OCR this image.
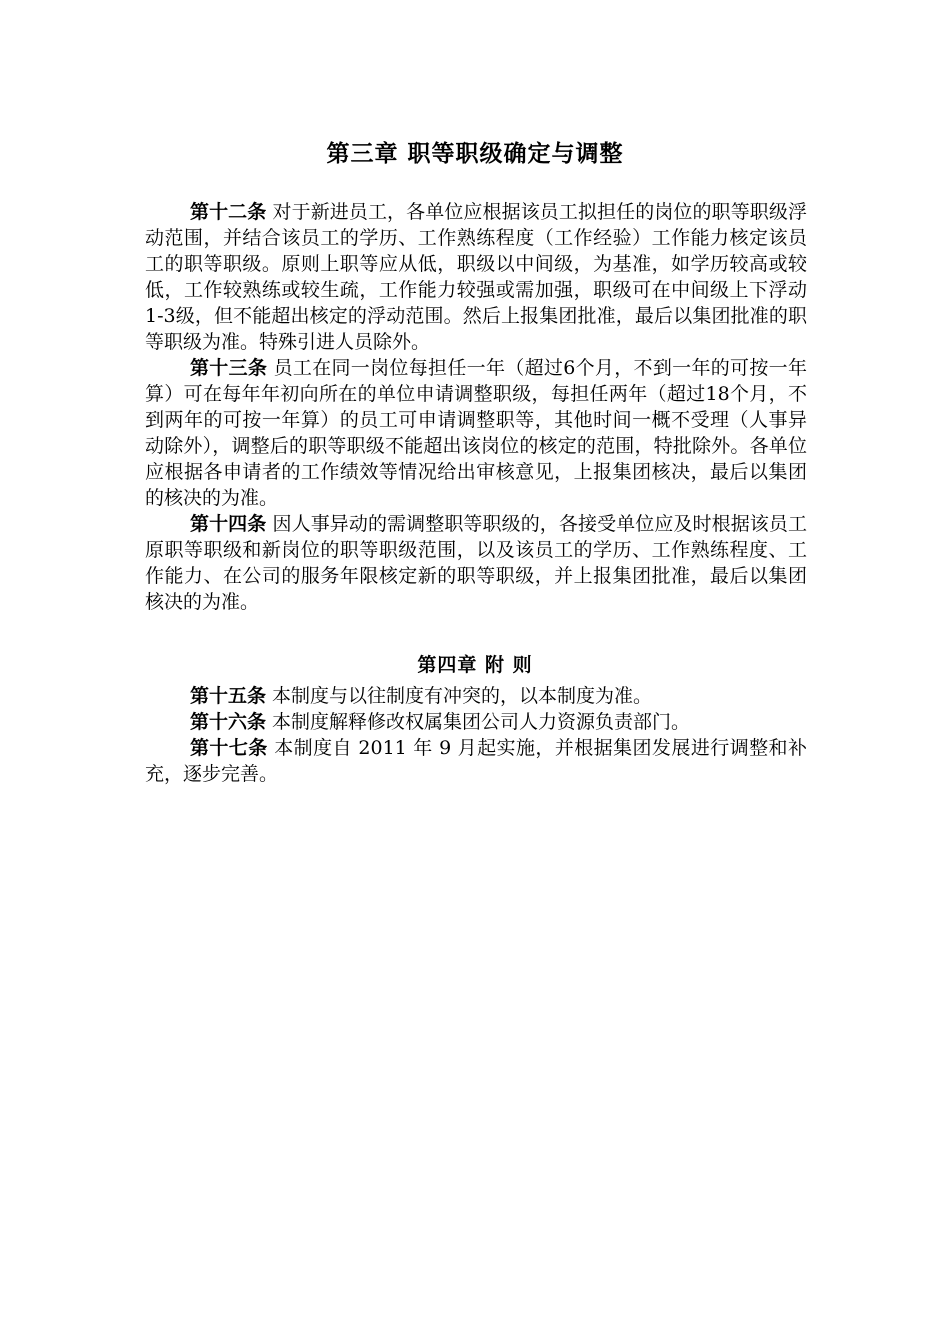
第三章 职等职级确定与调整

第十二条 对于新进员工，各单位应根据该员工拟担任的岗位的职等职级浮动范围，并结合该员工的学历、工作熟练程度（工作经验）工作能力核定该员工的职等职级。原则上职等应从低，职级以中间级，为基准，如学历较高或较低，工作较熟练或较生疏，工作能力较强或需加强，职级可在中间级上下浮动1-3级，但不能超出核定的浮动范围。然后上报集团批准，最后以集团批准的职等职级为准。特殊引进人员除外。

第十三条 员工在同一岗位每担任一年（超过6个月，不到一年的可按一年算）可在每年年初向所在的单位申请调整职级，每担任两年（超过18个月，不到两年的可按一年算）的员工可申请调整职等，其他时间一概不受理（人事异动除外），调整后的职等职级不能超出该岗位的核定的范围，特批除外。各单位应根据各申请者的工作绩效等情况给出审核意见，上报集团核决，最后以集团的核决的为准。

第十四条 因人事异动的需调整职等职级的，各接受单位应及时根据该员工原职等职级和新岗位的职等职级范围，以及该员工的学历、工作熟练程度、工作能力、在公司的服务年限核定新的职等职级，并上报集团批准，最后以集团核决的为准。

第四章 附 则

第十五条 本制度与以往制度有冲突的，以本制度为准。

第十六条 本制度解释修改权属集团公司人力资源负责部门。

第十七条 本制度自 2011 年 9 月起实施，并根据集团发展进行调整和补充，逐步完善。
